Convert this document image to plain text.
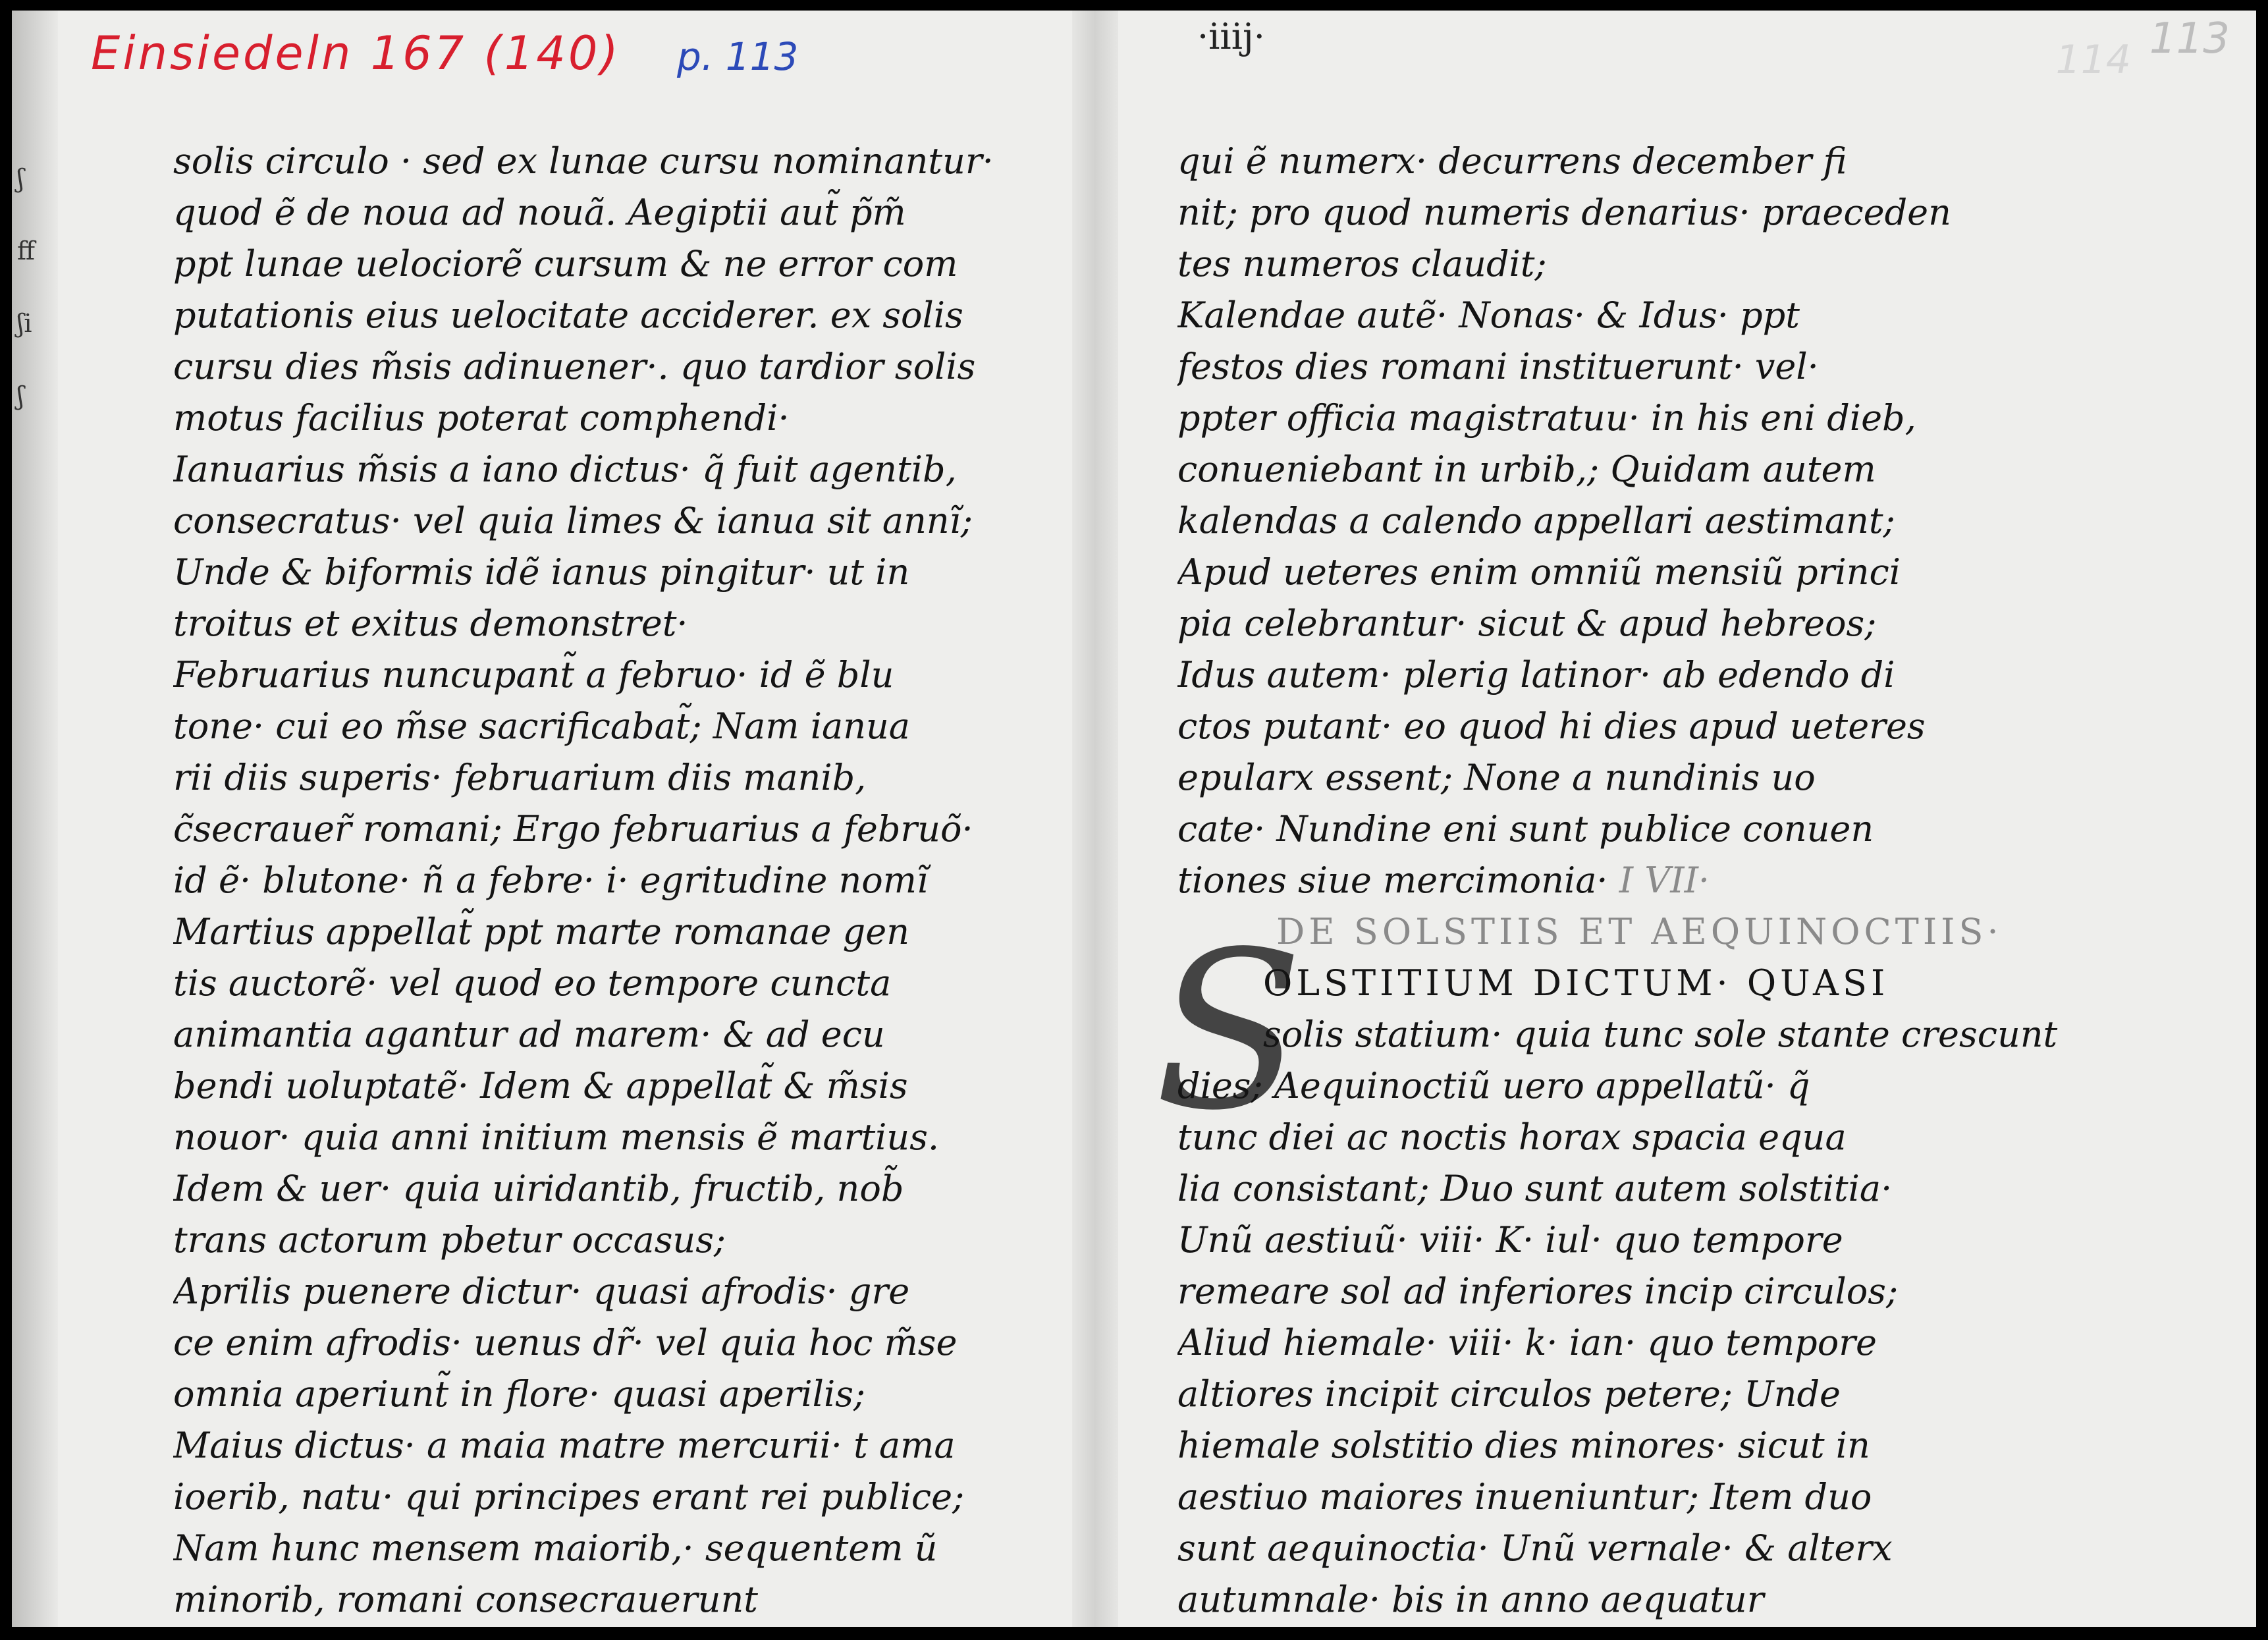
ʃ
ff
ʃi
ʃ
Einsiedeln 167 (140) p. 113	·iiij·
114 113
solis circulo · sed ex lunae cursu nominantur·
quod ẽ de noua ad nouã. Aegiptii aut̃ p̃m̃
ppt lunae uelociorẽ cursum & ne error com
putationis eius uelocitate acciderer. ex solis
cursu dies m̃sis adinuener·. quo tardior solis
motus facilius poterat comphendi·
Ianuarius m̃sis a iano dictus· q̃ fuit agentib,
consecratus· vel quia limes & ianua sit annĩ;
Unde & biformis idẽ ianus pingitur· ut in
troitus et exitus demonstret·
Februarius nuncupant̃ a februo· id ẽ blu
tone· cui eo m̃se sacrificabat̃; Nam ianua
rii diis superis· februarium diis manib,
c̃secrauer̃ romani; Ergo februarius a februõ·
id ẽ· blutone· ñ a febre· i· egritudine nomĩ
Martius appellat̃ ppt marte romanae gen
tis auctorẽ· vel quod eo tempore cuncta
animantia agantur ad marem· & ad ecu
bendi uoluptatẽ· Idem & appellat̃ & m̃sis
nouor· quia anni initium mensis ẽ martius.
Idem & uer· quia uiridantib, fructib, nob̃
trans actorum pbetur occasus;
Aprilis puenere dictur· quasi afrodis· gre
ce enim afrodis· uenus dr̃· vel quia hoc m̃se
omnia aperiunt̃ in flore· quasi aperilis;
Maius dictus· a maia matre mercurii· t ama
ioerib, natu· qui principes erant rei publice;
Nam hunc mensem maiorib,· sequentem ũ
minorib, romani consecrauerunt
S
qui ẽ numerx· decurrens december fi
nit; pro quod numeris denarius· praeceden
tes numeros claudit;
Kalendae autẽ· Nonas· & Idus· ppt
festos dies romani instituerunt· vel·
ppter officia magistratuu· in his eni dieb,
conueniebant in urbib,; Quidam autem
kalendas a calendo appellari aestimant;
Apud ueteres enim omniũ mensiũ princi
pia celebrantur· sicut & apud hebreos;
Idus autem· plerig latinor· ab edendo di
ctos putant· eo quod hi dies apud ueteres
epularx essent; None a nundinis uo
cate· Nundine eni sunt publice conuen
tiones siue mercimonia· I VII·
DE SOLSTIIS ET AEQUINOCTIIS·
OLSTITIUM DICTUM· QUASI
solis statium· quia tunc sole stante crescunt
dies; Aequinoctiũ uero appellatũ· q̃
tunc diei ac noctis horax spacia equa
lia consistant; Duo sunt autem solstitia·
Unũ aestiuũ· viii· K· iul· quo tempore
remeare sol ad inferiores incip circulos;
Aliud hiemale· viii· k· ian· quo tempore
altiores incipit circulos petere; Unde
hiemale solstitio dies minores· sicut in
aestiuo maiores inueniuntur; Item duo
sunt aequinoctia· Unũ vernale· & alterx
autumnale· bis in anno aequatur
